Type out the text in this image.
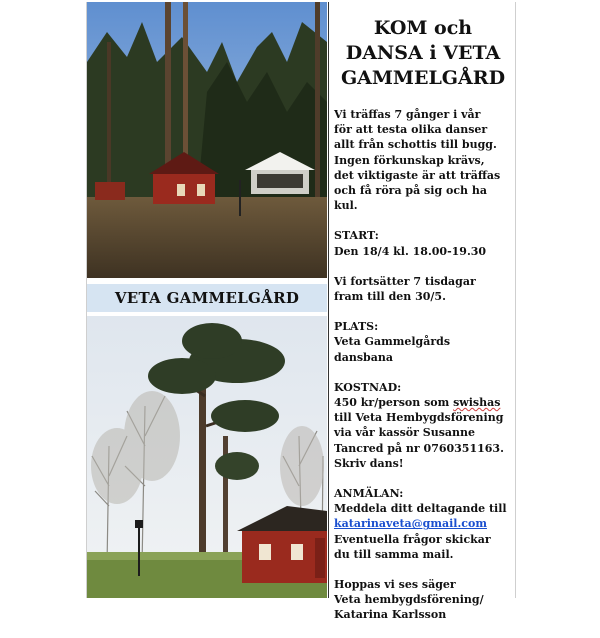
VETA GAMMELGÅRD
KOM och
DANSA i VETA
GAMMELGÅRD
Vi träffas 7 gånger i vår
för att testa olika danser
allt från schottis till bugg.
Ingen förkunskap krävs,
det viktigaste är att träffas
och få röra på sig och ha
kul.
START:
Den 18/4 kl. 18.00-19.30
Vi fortsätter 7 tisdagar
fram till den 30/5.
PLATS:
Veta Gammelgårds
dansbana
KOSTNAD:
450 kr/person som swishas
till Veta Hembygdsförening
via vår kassör Susanne
Tancred på nr 0760351163.
Skriv dans!
ANMÄLAN:
Meddela ditt deltagande till
katarinaveta@gmail.com
Eventuella frågor skickar
du till samma mail.
Hoppas vi ses säger
Veta hembygdsförening/
Katarina Karlsson
